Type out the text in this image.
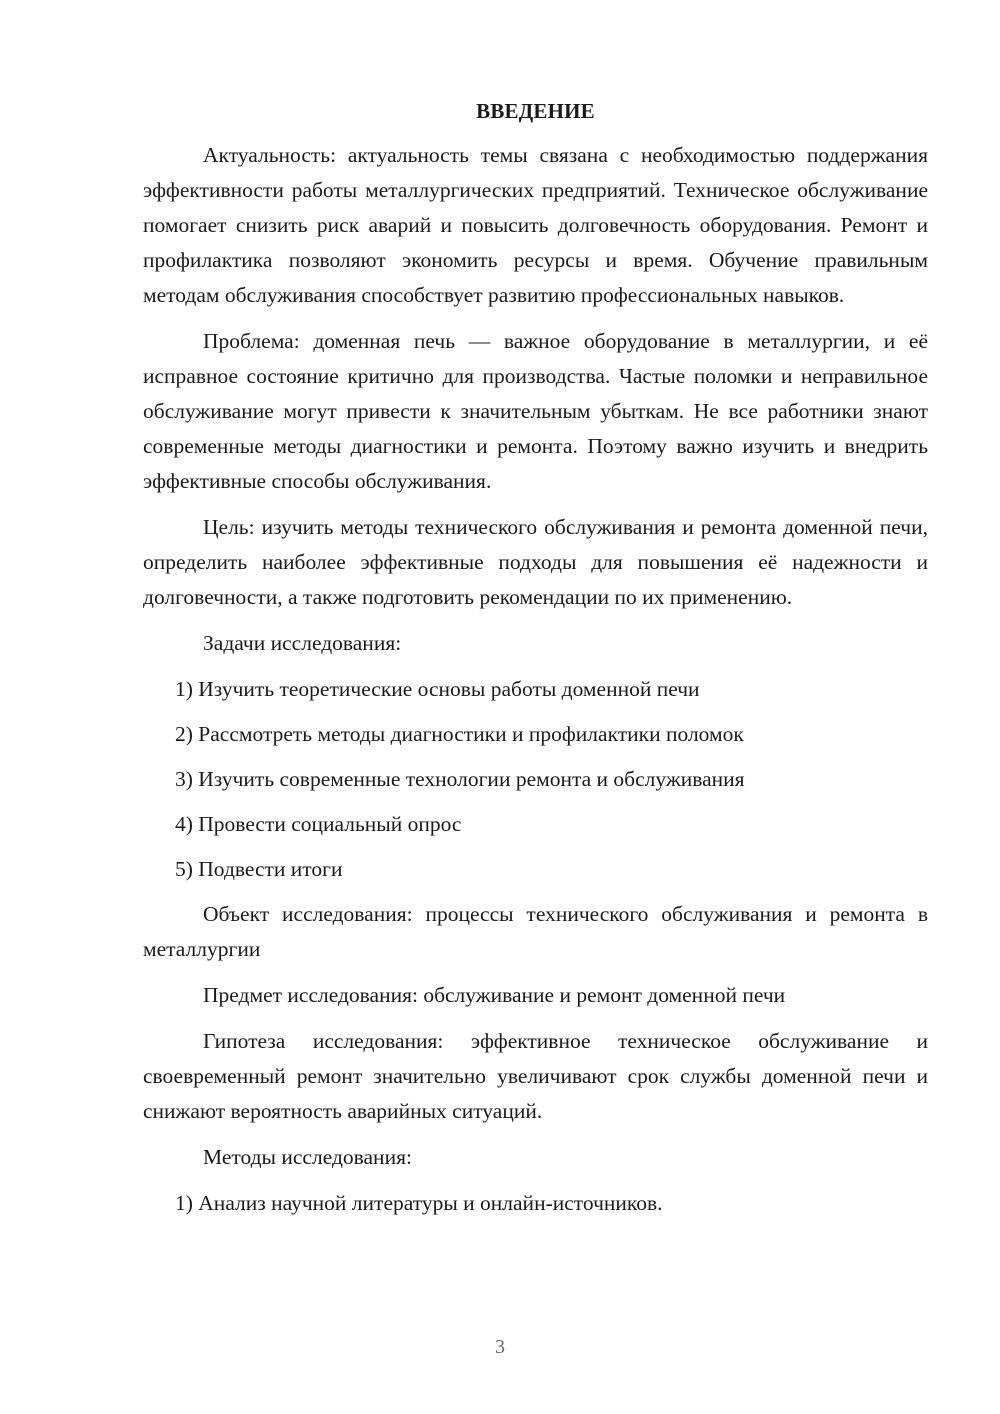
ВВЕДЕНИЕ

Актуальность: актуальность темы связана с необходимостью поддержания эффективности работы металлургических предприятий. Техническое обслуживание помогает снизить риск аварий и повысить долговечность оборудования. Ремонт и профилактика позволяют экономить ресурсы и время. Обучение правильным методам обслуживания способствует развитию профессиональных навыков.

Проблема: доменная печь — важное оборудование в металлургии, и её исправное состояние критично для производства. Частые поломки и неправильное обслуживание могут привести к значительным убыткам. Не все работники знают современные методы диагностики и ремонта. Поэтому важно изучить и внедрить эффективные способы обслуживания.

Цель: изучить методы технического обслуживания и ремонта доменной печи, определить наиболее эффективные подходы для повышения её надежности и долговечности, а также подготовить рекомендации по их применению.

Задачи исследования:

1) Изучить теоретические основы работы доменной печи
2) Рассмотреть методы диагностики и профилактики поломок
3) Изучить современные технологии ремонта и обслуживания
4) Провести социальный опрос
5) Подвести итоги

Объект исследования: процессы технического обслуживания и ремонта в металлургии

Предмет исследования: обслуживание и ремонт доменной печи

Гипотеза исследования: эффективное техническое обслуживание и своевременный ремонт значительно увеличивают срок службы доменной печи и снижают вероятность аварийных ситуаций.

Методы исследования:

1) Анализ научной литературы и онлайн-источников.
3
